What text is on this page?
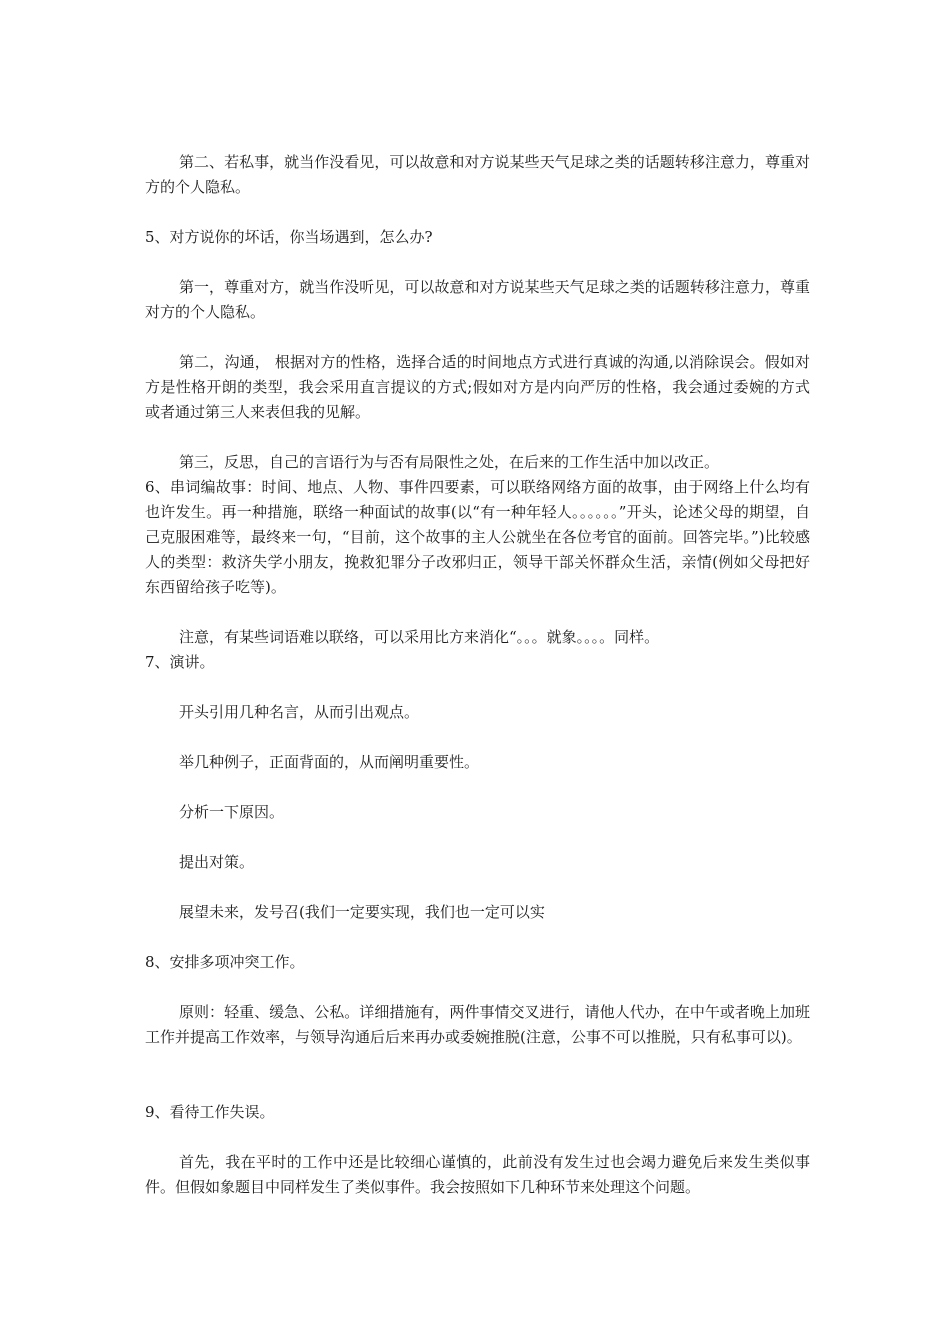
第二、若私事，就当作没看见，可以故意和对方说某些天气足球之类的话题转移注意力，尊重对方的个人隐私。

5、对方说你的坏话，你当场遇到，怎么办?

第一，尊重对方，就当作没听见，可以故意和对方说某些天气足球之类的话题转移注意力，尊重对方的个人隐私。

第二，沟通， 根据对方的性格，选择合适的时间地点方式进行真诚的沟通,以消除误会。假如对方是性格开朗的类型，我会采用直言提议的方式;假如对方是内向严厉的性格，我会通过委婉的方式或者通过第三人来表但我的见解。

第三，反思，自己的言语行为与否有局限性之处，在后来的工作生活中加以改正。

6、串词编故事：时间、地点、人物、事件四要素，可以联络网络方面的故事，由于网络上什么均有也许发生。再一种措施，联络一种面试的故事(以“有一种年轻人。。。。。。”开头，论述父母的期望，自己克服困难等，最终来一句，“目前，这个故事的主人公就坐在各位考官的面前。回答完毕。”)比较感人的类型：救济失学小朋友，挽救犯罪分子改邪归正，领导干部关怀群众生活，亲情(例如父母把好东西留给孩子吃等)。

注意，有某些词语难以联络，可以采用比方来消化“。。。就象。。。。同样。

7、演讲。

开头引用几种名言，从而引出观点。

举几种例子，正面背面的，从而阐明重要性。

分析一下原因。

提出对策。

展望未来，发号召(我们一定要实现，我们也一定可以实

8、安排多项冲突工作。

原则：轻重、缓急、公私。详细措施有，两件事情交叉进行，请他人代办，在中午或者晚上加班工作并提高工作效率，与领导沟通后后来再办或委婉推脱(注意，公事不可以推脱，只有私事可以)。

9、看待工作失误。

首先，我在平时的工作中还是比较细心谨慎的，此前没有发生过也会竭力避免后来发生类似事件。但假如象题目中同样发生了类似事件。我会按照如下几种环节来处理这个问题。
